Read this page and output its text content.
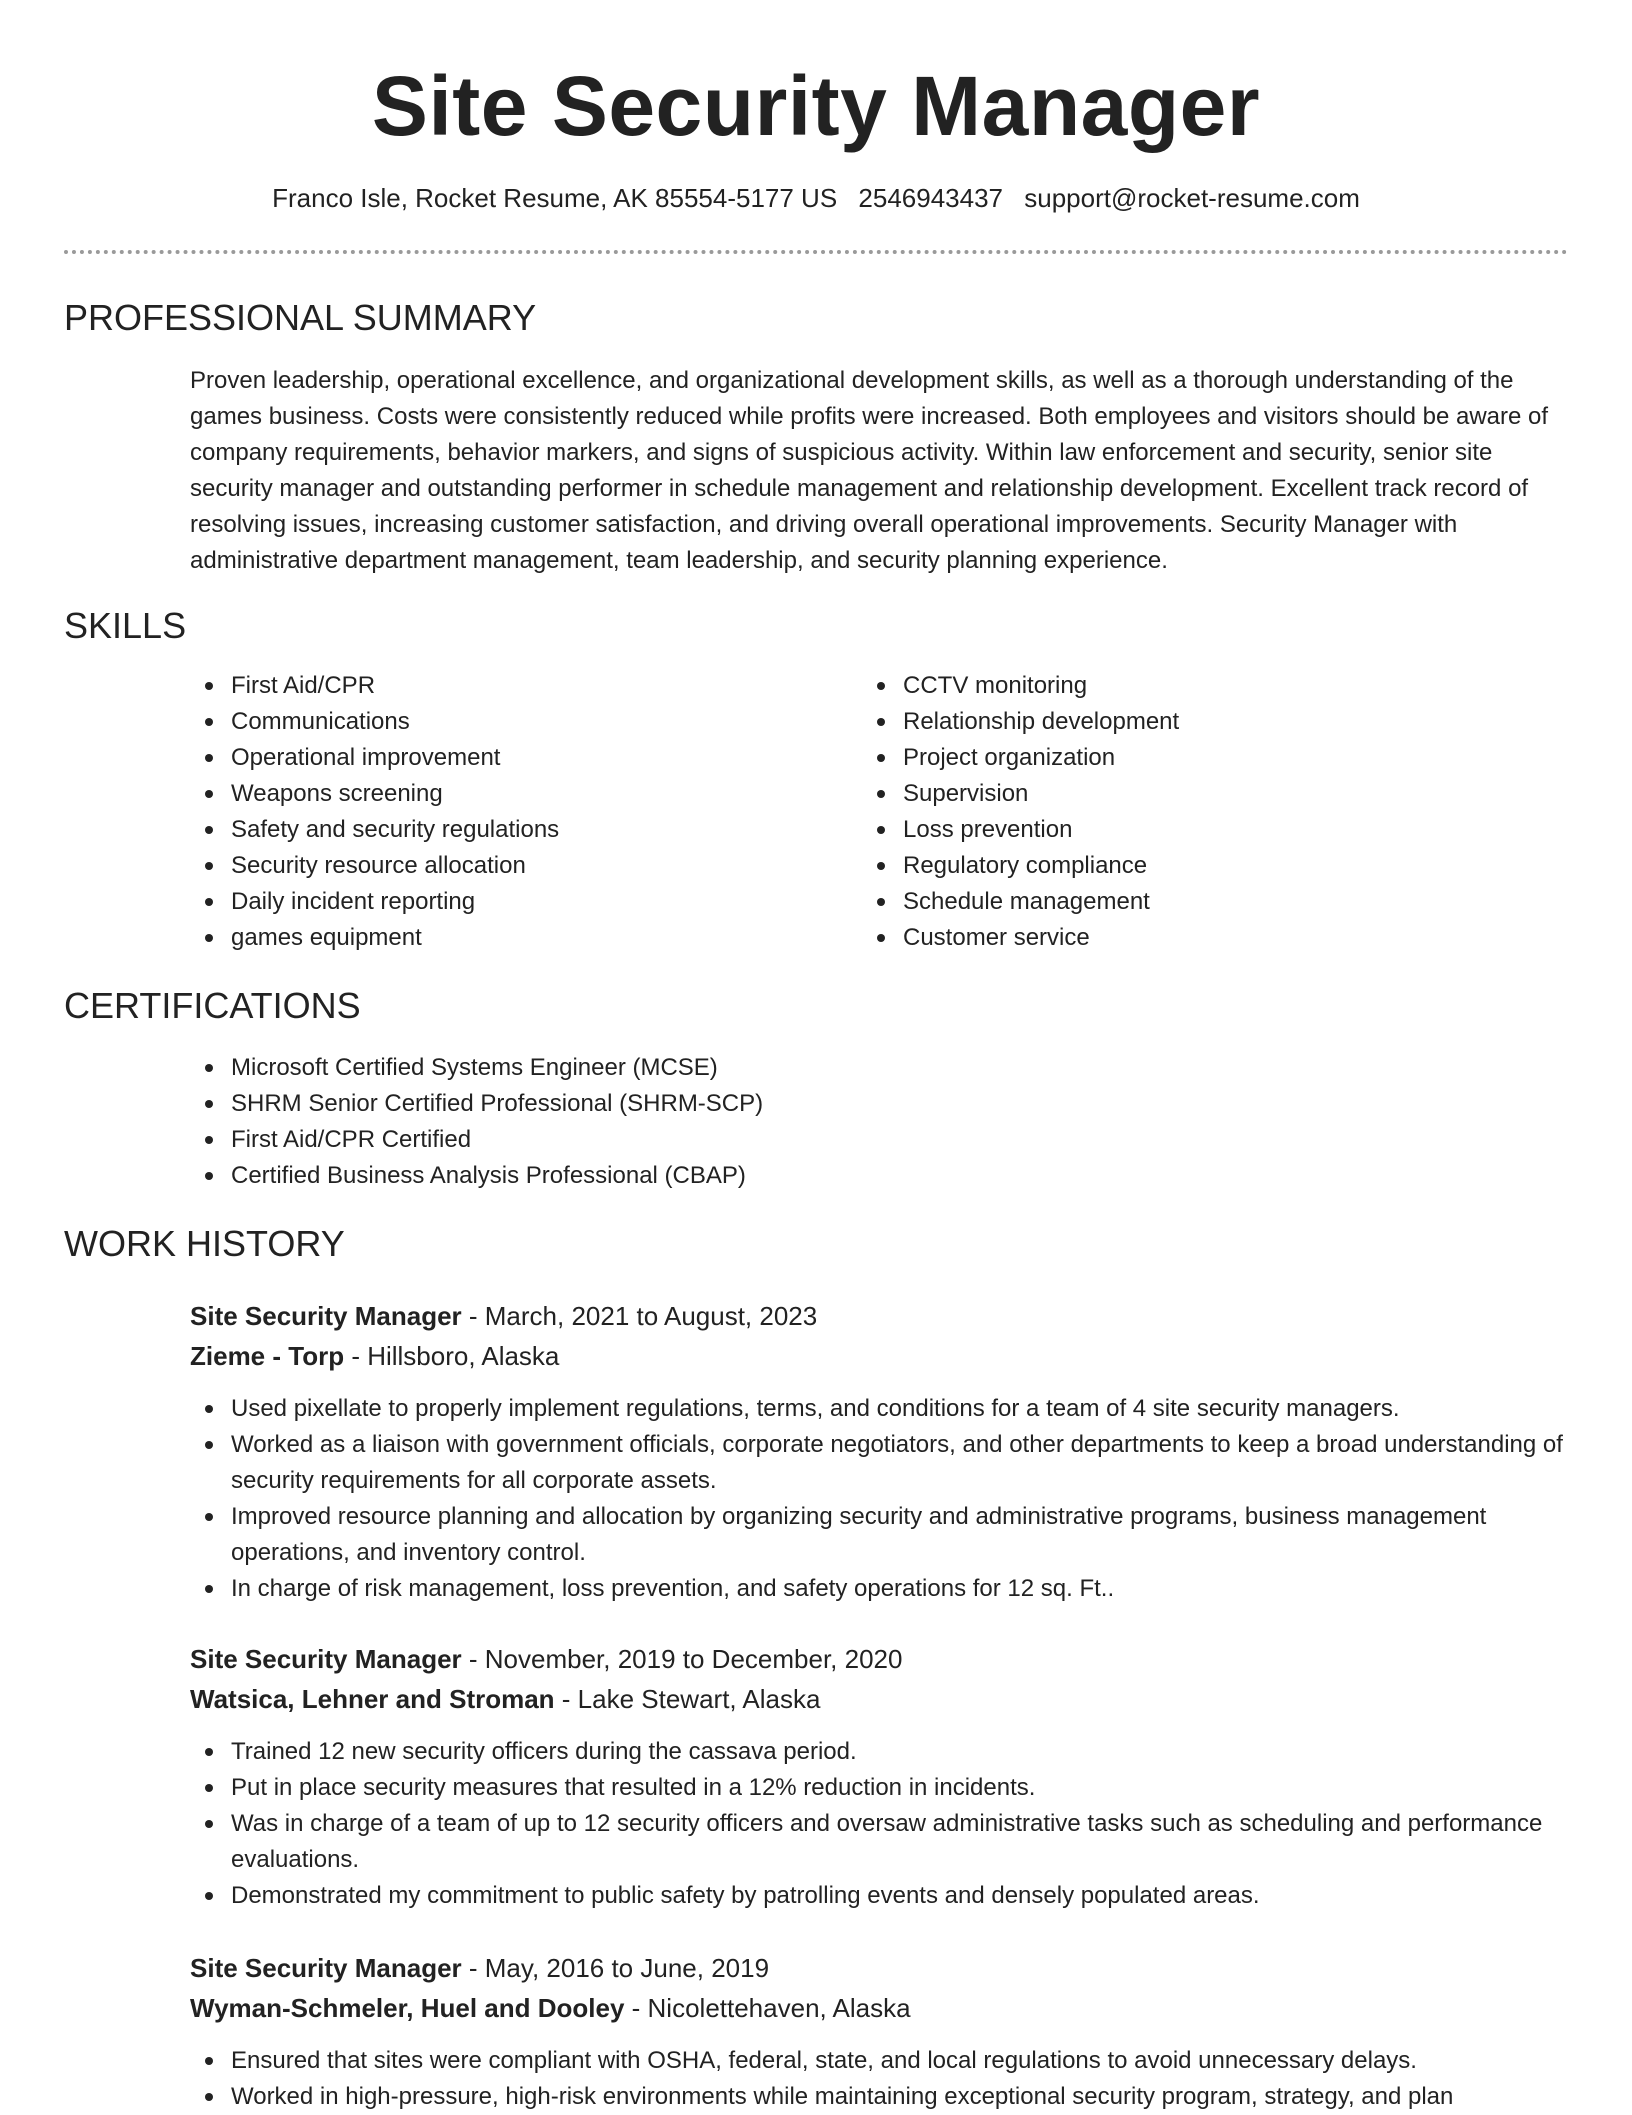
Site Security Manager
Franco Isle, Rocket Resume, AK 85554-5177 US 2546943437 support@rocket-resume.com
PROFESSIONAL SUMMARY

Proven leadership, operational excellence, and organizational development skills, as well as a thorough understanding of the games business. Costs were consistently reduced while profits were increased. Both employees and visitors should be aware of company requirements, behavior markers, and signs of suspicious activity. Within law enforcement and security, senior site security manager and outstanding performer in schedule management and relationship development. Excellent track record of resolving issues, increasing customer satisfaction, and driving overall operational improvements. Security Manager with administrative department management, team leadership, and security planning experience.

SKILLS
First Aid/CPR
Communications
Operational improvement
Weapons screening
Safety and security regulations
Security resource allocation
Daily incident reporting
games equipment
CCTV monitoring
Relationship development
Project organization
Supervision
Loss prevention
Regulatory compliance
Schedule management
Customer service
CERTIFICATIONS
Microsoft Certified Systems Engineer (MCSE)
SHRM Senior Certified Professional (SHRM-SCP)
First Aid/CPR Certified
Certified Business Analysis Professional (CBAP)
WORK HISTORY
Site Security Manager - March, 2021 to August, 2023
Zieme - Torp - Hillsboro, Alaska
Used pixellate to properly implement regulations, terms, and conditions for a team of 4 site security managers.
Worked as a liaison with government officials, corporate negotiators, and other departments to keep a broad understanding of security requirements for all corporate assets.
Improved resource planning and allocation by organizing security and administrative programs, business management operations, and inventory control.
In charge of risk management, loss prevention, and safety operations for 12 sq. Ft..
Site Security Manager - November, 2019 to December, 2020
Watsica, Lehner and Stroman - Lake Stewart, Alaska
Trained 12 new security officers during the cassava period.
Put in place security measures that resulted in a 12% reduction in incidents.
Was in charge of a team of up to 12 security officers and oversaw administrative tasks such as scheduling and performance evaluations.
Demonstrated my commitment to public safety by patrolling events and densely populated areas.
Site Security Manager - May, 2016 to June, 2019
Wyman-Schmeler, Huel and Dooley - Nicolettehaven, Alaska
Ensured that sites were compliant with OSHA, federal, state, and local regulations to avoid unnecessary delays.
Worked in high-pressure, high-risk environments while maintaining exceptional security program, strategy, and plan
